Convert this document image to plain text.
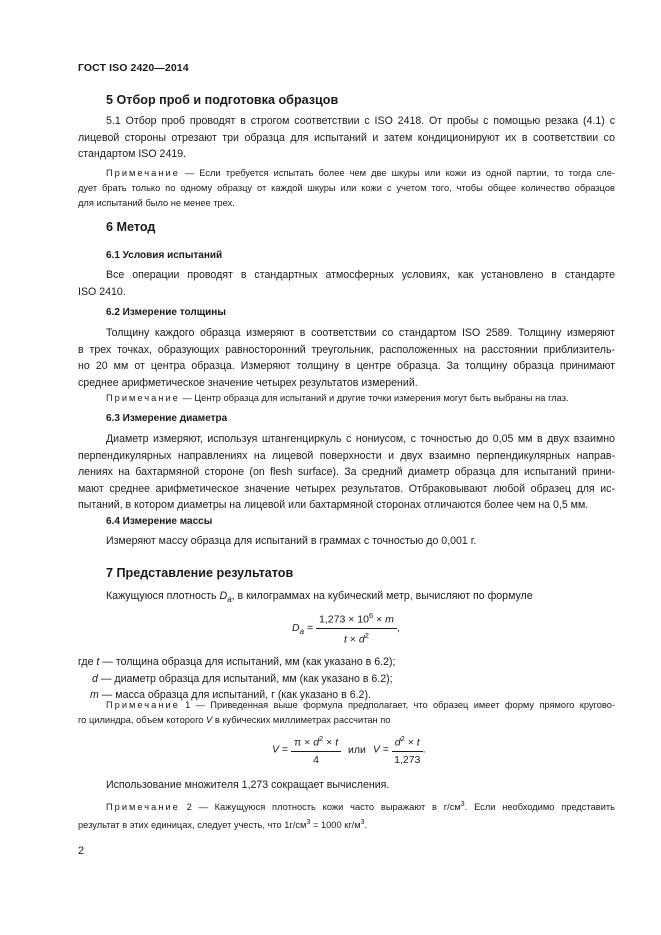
ГОСТ ISO 2420—2014
5 Отбор проб и подготовка образцов
5.1 Отбор проб проводят в строгом соответствии с ISO 2418. От пробы с помощью резака (4.1) с
лицевой стороны отрезают три образца для испытаний и затем кондиционируют их в соответствии со
стандартом ISO 2419.
Примечание — Если требуется испытать более чем две шкуры или кожи из одной партии, то тогда сле-
дует брать только по одному образцу от каждой шкуры или кожи с учетом того, чтобы общее количество образцов
для испытаний было не менее трех.
6 Метод
6.1 Условия испытаний
Все операции проводят в стандартных атмосферных условиях, как установлено в стандарте
ISO 2410.
6.2 Измерение толщины
Толщину каждого образца измеряют в соответствии со стандартом ISO 2589. Толщину измеряют
в трех точках, образующих равносторонний треугольник, расположенных на расстоянии приблизитель-
но 20 мм от центра образца. Измеряют толщину в центре образца. За толщину образца принимают
среднее арифметическое значение четырех результатов измерений.
Примечание — Центр образца для испытаний и другие точки измерения могут быть выбраны на глаз.
6.3 Измерение диаметра
Диаметр измеряют, используя штангенциркуль с нониусом, с точностью до 0,05 мм в двух взаимно
перпендикулярных направлениях на лицевой поверхности и двух взаимно перпендикулярных направ-
лениях на бахтармяной стороне (on flesh surface). За средний диаметр образца для испытаний прини-
мают среднее арифметическое значение четырех результатов. Отбраковывают любой образец для ис-
пытаний, в котором диаметры на лицевой или бахтармяной сторонах отличаются более чем на 0,5 мм.
6.4 Измерение массы
Измеряют массу образца для испытаний в граммах с точностью до 0,001 г.
7 Представление результатов
Кажущуюся плотность $D_a$, в килограммах на кубический метр, вычисляют по формуле
$D_a = \frac{1,273 \times 10^6 \times m}{t \times d^2}$ ,
где t — толщина образца для испытаний, мм (как указано в 6.2);
d — диаметр образца для испытаний, мм (как указано в 6.2);
m — масса образца для испытаний, г (как указано в 6.2).
Примечание 1 — Приведенная выше формула предполагает, что образец имеет форму прямого кругово-
го цилиндра, объем которого V в кубических миллиметрах рассчитан по
$V = \frac{\pi \times d^2 \times t}{4}$ или $V = \frac{d^2 \times t}{1,273}$ .
Использование множителя 1,273 сокращает вычисления.
Примечание 2 — Кажущуюся плотность кожи часто выражают в $г/см^3$. Если необходимо представить
результат в этих единицах, следует учесть, что $1г/см^3 = 1000$ $кг/м^3$.
2
